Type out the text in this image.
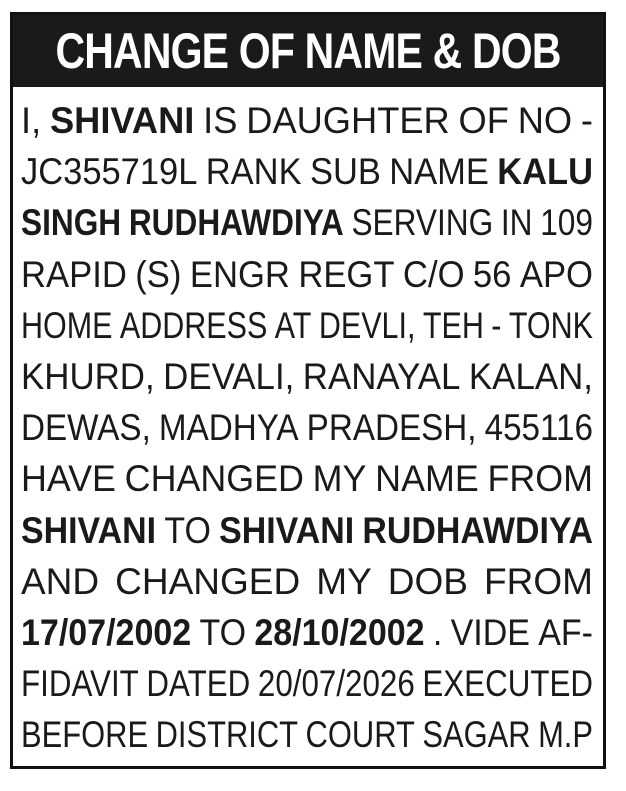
CHANGE OF NAME & DOB
I, SHIVANI IS DAUGHTER OF NO -
JC355719L RANK SUB NAME KALU
SINGH RUDHAWDIYA SERVING IN 109
RAPID (S) ENGR REGT C/O 56 APO
HOME ADDRESS AT DEVLI, TEH - TONK
KHURD, DEVALI, RANAYAL KALAN,
DEWAS, MADHYA PRADESH, 455116
HAVE CHANGED MY NAME FROM
SHIVANI TO SHIVANI RUDHAWDIYA
AND CHANGED MY DOB FROM
17/07/2002 TO 28/10/2002 . VIDE AF-
FIDAVIT DATED 20/07/2026 EXECUTED
BEFORE DISTRICT COURT SAGAR M.P
